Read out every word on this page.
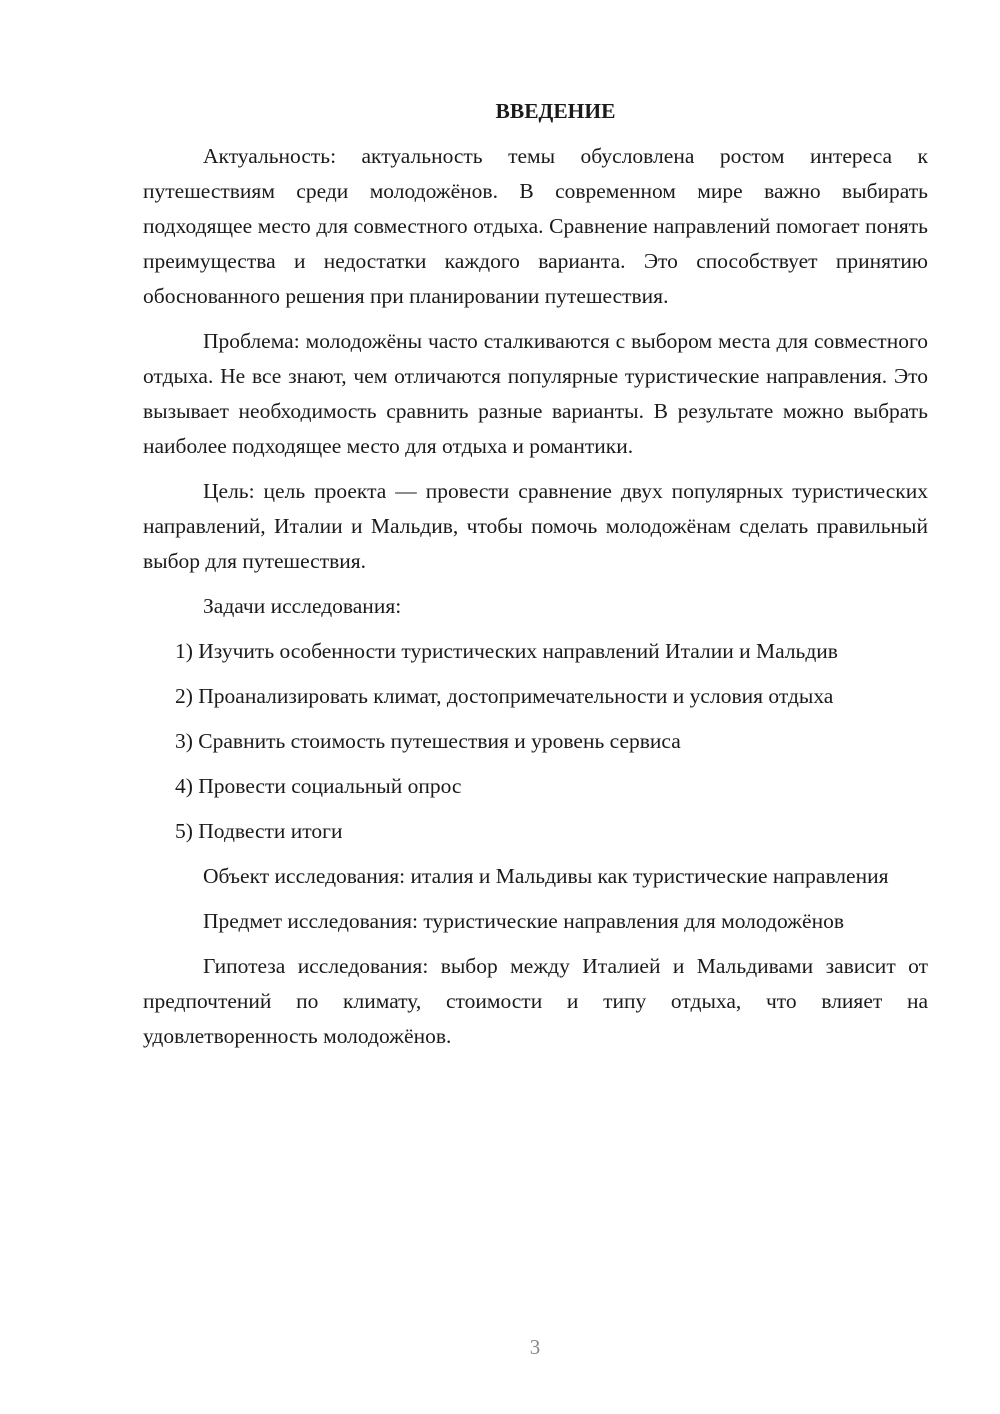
ВВЕДЕНИЕ

Актуальность: актуальность темы обусловлена ростом интереса к путешествиям среди молодожёнов. В современном мире важно выбирать подходящее место для совместного отдыха. Сравнение направлений помогает понять преимущества и недостатки каждого варианта. Это способствует принятию обоснованного решения при планировании путешествия.

Проблема: молодожёны часто сталкиваются с выбором места для совместного отдыха. Не все знают, чем отличаются популярные туристические направления. Это вызывает необходимость сравнить разные варианты. В результате можно выбрать наиболее подходящее место для отдыха и романтики.

Цель: цель проекта — провести сравнение двух популярных туристических направлений, Италии и Мальдив, чтобы помочь молодожёнам сделать правильный выбор для путешествия.

Задачи исследования:

1) Изучить особенности туристических направлений Италии и Мальдив

2) Проанализировать климат, достопримечательности и условия отдыха

3) Сравнить стоимость путешествия и уровень сервиса

4) Провести социальный опрос

5) Подвести итоги

Объект исследования: италия и Мальдивы как туристические направления

Предмет исследования: туристические направления для молодожёнов

Гипотеза исследования: выбор между Италией и Мальдивами зависит от предпочтений по климату, стоимости и типу отдыха, что влияет на удовлетворенность молодожёнов.

3
